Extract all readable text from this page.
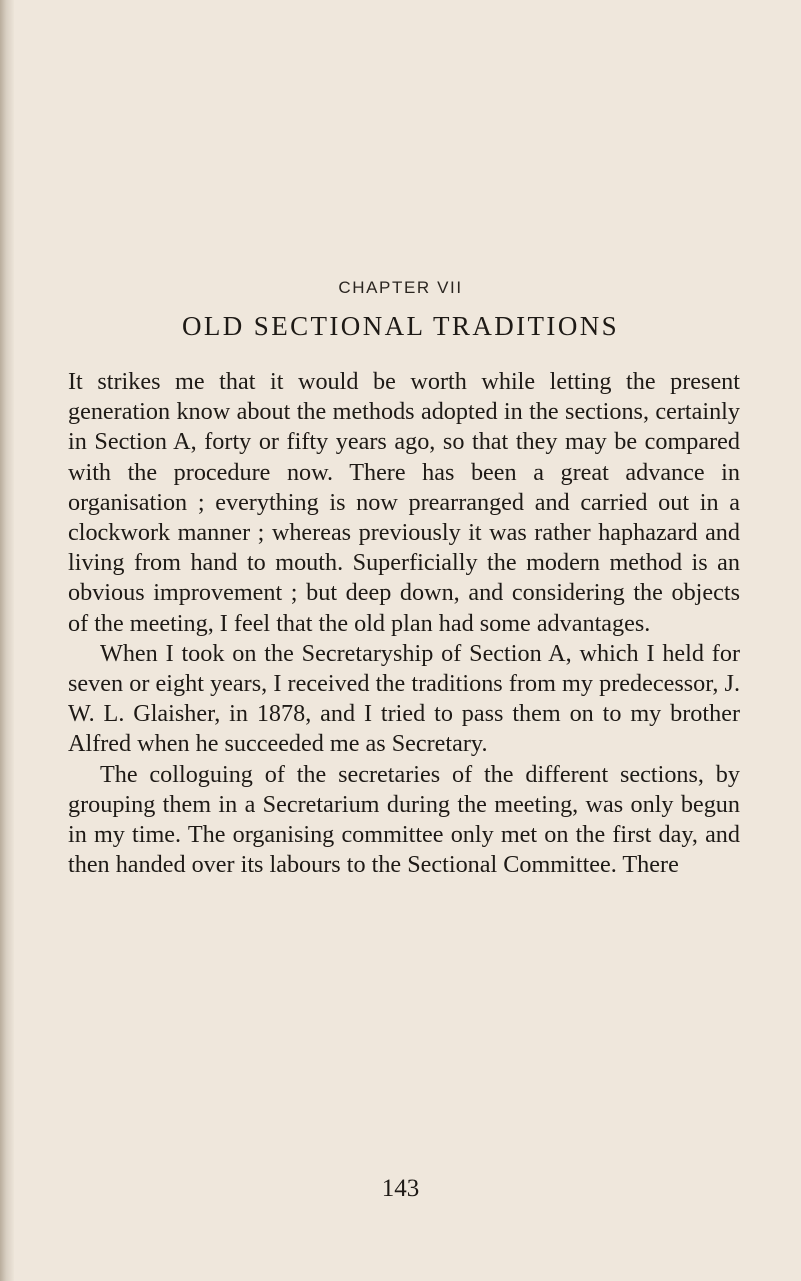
CHAPTER VII
OLD SECTIONAL TRADITIONS

It strikes me that it would be worth while letting the present generation know about the methods adopted in the sections, certainly in Section A, forty or fifty years ago, so that they may be compared with the procedure now. There has been a great advance in organisation ; everything is now prearranged and carried out in a clockwork manner ; whereas previously it was rather haphazard and living from hand to mouth. Superficially the modern method is an obvious improvement ; but deep down, and considering the objects of the meeting, I feel that the old plan had some advantages.

When I took on the Secretaryship of Section A, which I held for seven or eight years, I received the traditions from my predecessor, J. W. L. Glaisher, in 1878, and I tried to pass them on to my brother Alfred when he succeeded me as Secretary.

The colloguing of the secretaries of the different sections, by grouping them in a Secretarium during the meeting, was only begun in my time. The organising committee only met on the first day, and then handed over its labours to the Sectional Committee. There

143
